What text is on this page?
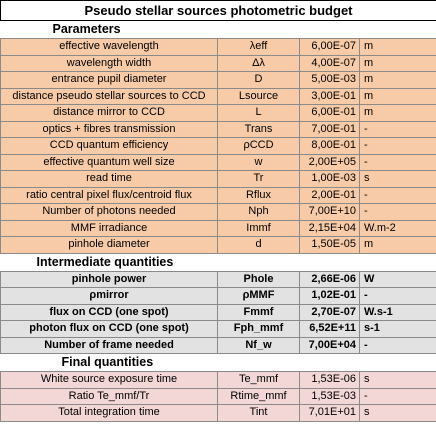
Pseudo stellar sources photometric budget			
Parameters			
effective wavelength	λeff	6,00E-07	m
wavelength width	Δλ	4,00E-07	m
entrance pupil diameter	D	5,00E-03	m
distance pseudo stellar sources to CCD	Lsource	3,00E-01	m
distance mirror to CCD	L	6,00E-01	m
optics + fibres transmission	Trans	7,00E-01	-
CCD quantum efficiency	ρCCD	8,00E-01	-
effective quantum well size	w	2,00E+05	-
read time	Tr	1,00E-03	s
ratio central pixel flux/centroid flux	Rflux	2,00E-01	-
Number of photons needed	Nph	7,00E+10	-
MMF irradiance	Immf	2,15E+04	W.m-2
pinhole diameter	d	1,50E-05	m
Intermediate quantities			
pinhole power	Phole	2,66E-06	W
ρmirror	ρMMF	1,02E-01	-
flux on CCD (one spot)	Fmmf	2,70E-07	W.s-1
photon flux on CCD (one spot)	Fph_mmf	6,52E+11	s-1
Number of frame needed	Nf_w	7,00E+04	-
Final quantities			
White source exposure time	Te_mmf	1,53E-06	s
Ratio Te_mmf/Tr	Rtime_mmf	1,53E-03	-
Total integration time	Tint	7,01E+01	s
